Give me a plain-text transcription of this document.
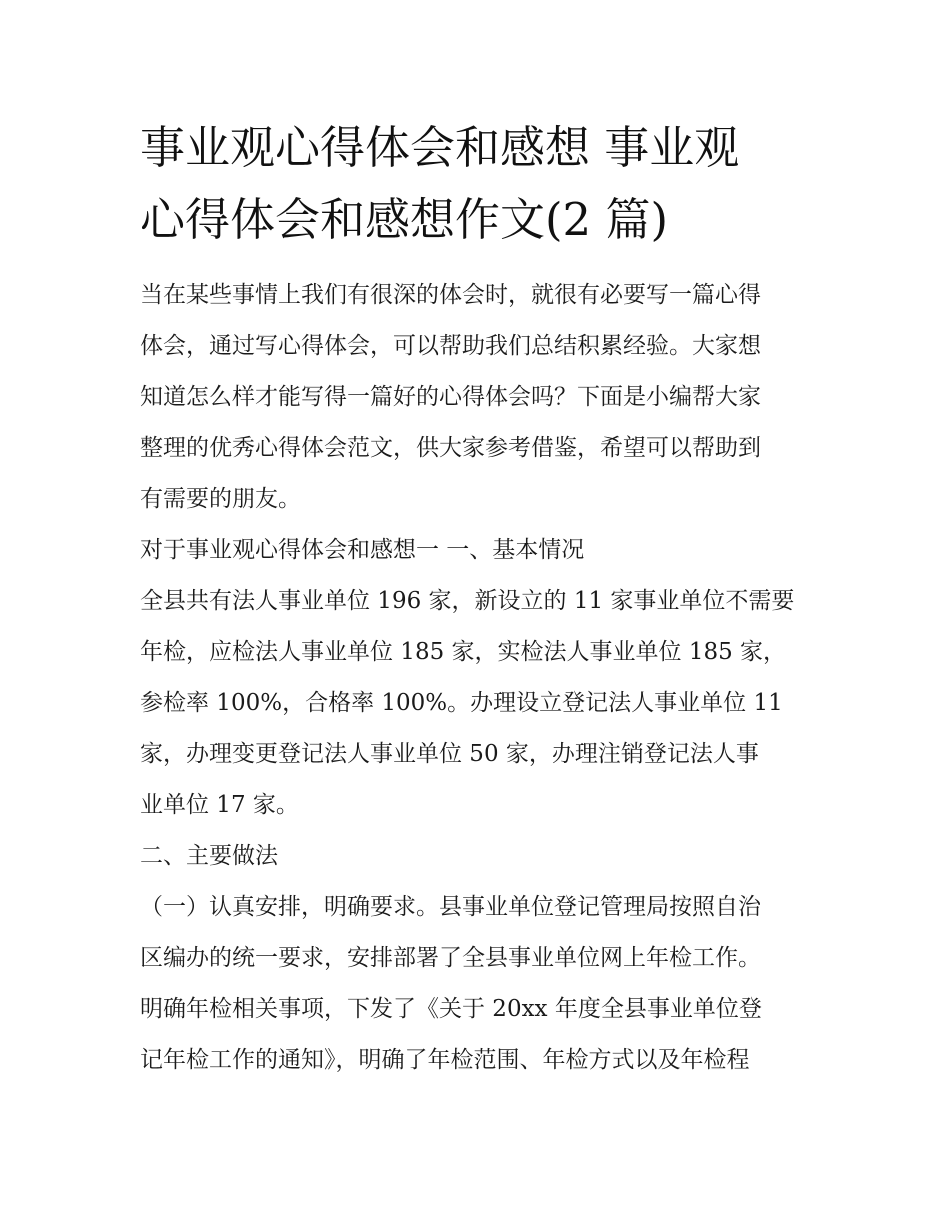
事业观心得体会和感想 事业观
心得体会和感想作文(2 篇)
当在某些事情上我们有很深的体会时，就很有必要写一篇心得
体会，通过写心得体会，可以帮助我们总结积累经验。大家想
知道怎么样才能写得一篇好的心得体会吗？下面是小编帮大家
整理的优秀心得体会范文，供大家参考借鉴，希望可以帮助到
有需要的朋友。
对于事业观心得体会和感想一 一、基本情况
全县共有法人事业单位 196 家，新设立的 11 家事业单位不需要
年检，应检法人事业单位 185 家，实检法人事业单位 185 家，
参检率 100%，合格率 100%。办理设立登记法人事业单位 11
家，办理变更登记法人事业单位 50 家，办理注销登记法人事
业单位 17 家。
二、主要做法
（一）认真安排，明确要求。县事业单位登记管理局按照自治
区编办的统一要求，安排部署了全县事业单位网上年检工作。
明确年检相关事项，下发了《关于 20xx 年度全县事业单位登
记年检工作的通知》，明确了年检范围、年检方式以及年检程
